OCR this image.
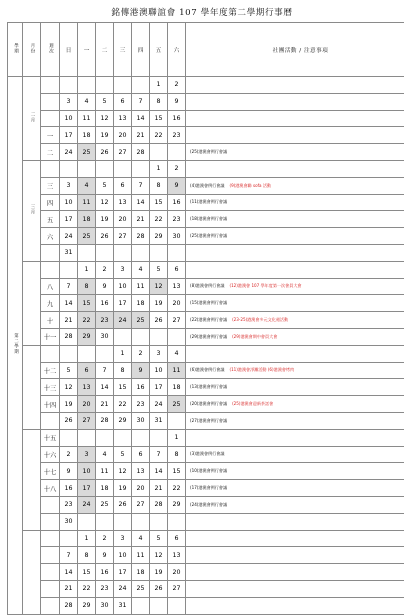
銘傳港澳聯誼會 107 學年度第二學期行事曆
學期	月份	週次	日	一	二	三	四	五	六	社團活動 / 注意事項
第二學期	二月							1	2	
			3	4	5	6	7	8	9	
			10	11	12	13	14	15	16	
		一	17	18	19	20	21	22	23	
		二	24	25	26	27	28			(25)港澳會例行會議
	三月							1	2	
		三	3	4	5	6	7	8	9	(4)港澳會例行會議 (9)港澳會聯 sofa 活動
		四	10	11	12	13	14	15	16	(11)港澳會例行會議
		五	17	18	19	20	21	22	23	(18)港澳會例行會議
		六	24	25	26	27	28	29	30	(25)港澳會例行會議
			31							
				1	2	3	4	5	6	
		八	7	8	9	10	11	12	13	(8)港澳會例行會議 (12)港澳會 107 學年度第一次會員大會
		九	14	15	16	17	18	19	20	(15)港澳會例行會議
		十	21	22	23	24	25	26	27	(22)港澳會例行會議 (23-25)港澳會多元文化週活動
		十一	28	29	30					(29)港澳會例行會議 (29)港澳會期中會員大會
						1	2	3	4	
		十二	5	6	7	8	9	10	11	(6)港澳會例行會議 (11)港澳會淨灘活動 (6)港澳會烤肉
		十三	12	13	14	15	16	17	18	(13)港澳會例行會議
		十四	19	20	21	22	23	24	25	(20)港澳會例行會議 (25)港澳會迎新茶話會
			26	27	28	29	30	31		(27)港澳會例行會議
		十五							1	
		十六	2	3	4	5	6	7	8	(3)港澳會例行會議
		十七	9	10	11	12	13	14	15	(10)港澳會例行會議
		十八	16	17	18	19	20	21	22	(17)港澳會例行會議
			23	24	25	26	27	28	29	(24)港澳會例行會議
			30							
				1	2	3	4	5	6	
			7	8	9	10	11	12	13	
			14	15	16	17	18	19	20	
			21	22	23	24	25	26	27	
			28	29	30	31				
